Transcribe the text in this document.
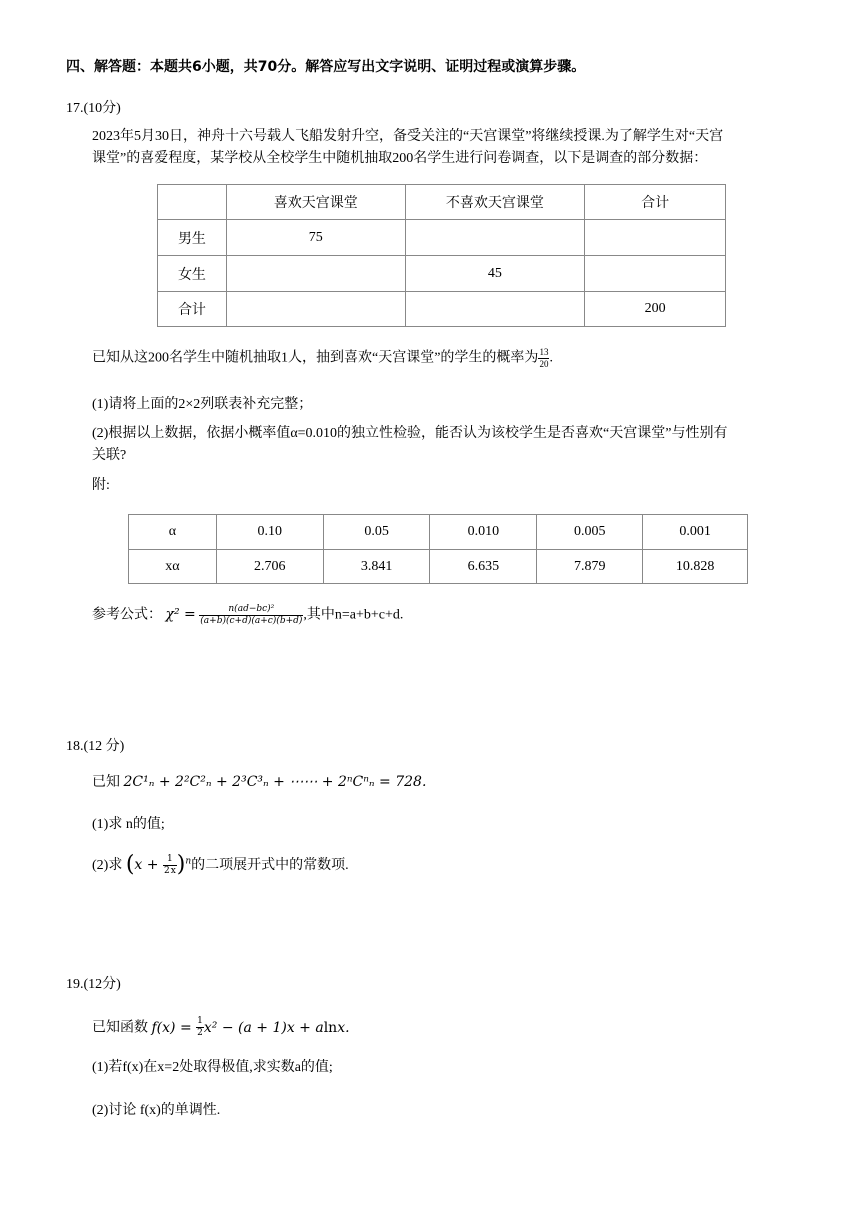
四、解答题：本题共6小题，共70分。解答应写出文字说明、证明过程或演算步骤。
17.(10分)
2023年5月30日，神舟十六号载人飞船发射升空，备受关注的“天宫课堂”将继续授课.为了解学生对“天宫
课堂”的喜爱程度，某学校从全校学生中随机抽取200名学生进行问卷调查，以下是调查的部分数据：
	喜欢天宫课堂	不喜欢天宫课堂	合计
男生	75		
女生		45	
合计			200
已知从这200名学生中随机抽取1人，抽到喜欢“天宫课堂”的学生的概率为 $\frac{13}{20}$ .
(1)请将上面的2×2列联表补充完整；
(2)根据以上数据，依据小概率值α=0.010的独立性检验，能否认为该校学生是否喜欢“天宫课堂”与性别有
关联?
附:
α	0.10	0.05	0.010	0.005	0.001
xα	2.706	3.841	6.635	7.879	10.828
参考公式： $\chi^2 = \frac{\text{n(ad−bc)²}}{(a+b)(c+d)(a+c)(b+d)}$ ,其中n=a+b+c+d.
18.(12 分)
已知 2C¹ₙ + 2²C²ₙ + 2³C³ₙ + ⋯⋯ + 2ⁿCⁿₙ = 728.
(1)求 n的值;
(2)求 $(x + \frac{1}{2x} )^n$的二项展开式中的常数项.
19.(12分)
已知函数 $f(x) = \frac{1}{2} x^2 - (a + 1)x + alnx$.
(1)若f(x)在x=2处取得极值,求实数a的值;
(2)讨论 f(x)的单调性.
